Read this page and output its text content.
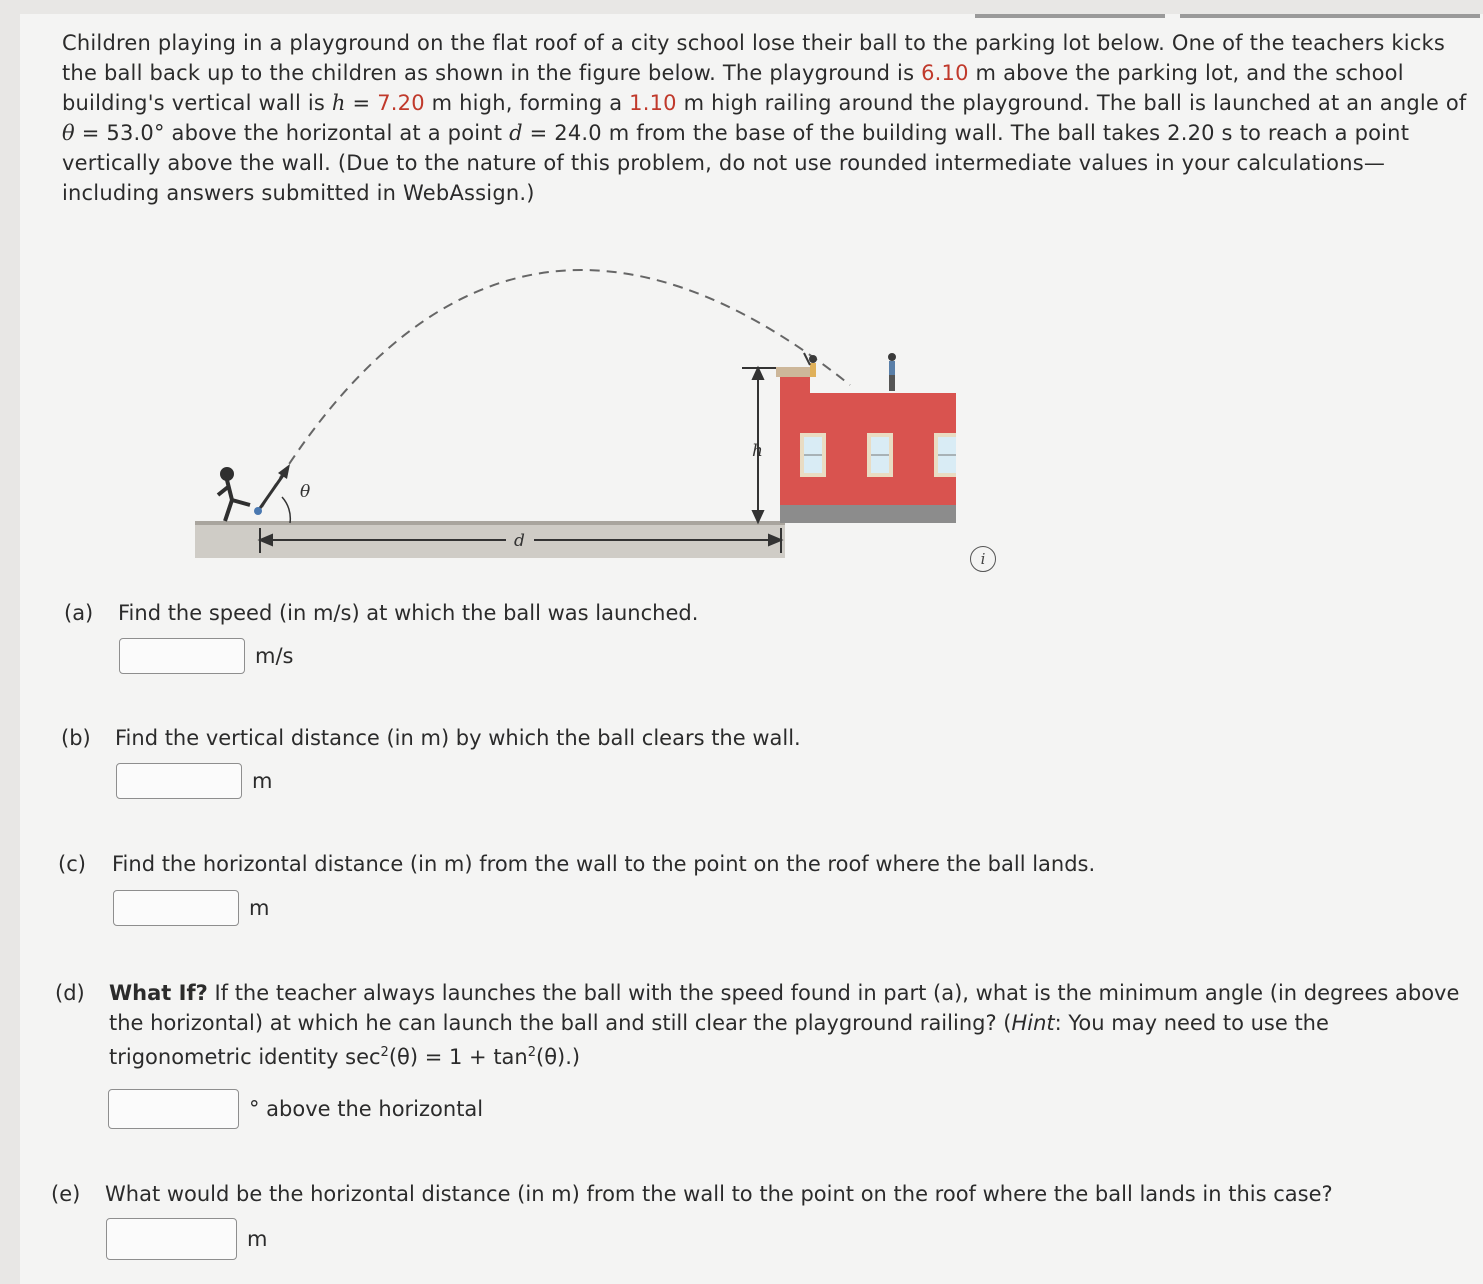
Children playing in a playground on the flat roof of a city school lose their ball to the parking lot below. One of the teachers kicks the ball back up to the children as shown in the figure below. The playground is 6.10 m above the parking lot, and the school building's vertical wall is h = 7.20 m high, forming a 1.10 m high railing around the playground. The ball is launched at an angle of θ = 53.0° above the horizontal at a point d = 24.0 m from the base of the building wall. The ball takes 2.20 s to reach a point vertically above the wall. (Due to the nature of this problem, do not use rounded intermediate values in your calculations—including answers submitted in WebAssign.)
h
θ
d
i
(a) Find the speed (in m/s) at which the ball was launched.
m/s
(b) Find the vertical distance (in m) by which the ball clears the wall.
m
(c) Find the horizontal distance (in m) from the wall to the point on the roof where the ball lands.
m
(d)	What If? If the teacher always launches the ball with the speed found in part (a), what is the minimum angle (in degrees above the horizontal) at which he can launch the ball and still clear the playground railing? (Hint: You may need to use the trigonometric identity $\sec^2(\theta) = 1 + \tan^2(\theta)$.)
° above the horizontal
(e) What would be the horizontal distance (in m) from the wall to the point on the roof where the ball lands in this case?
m
